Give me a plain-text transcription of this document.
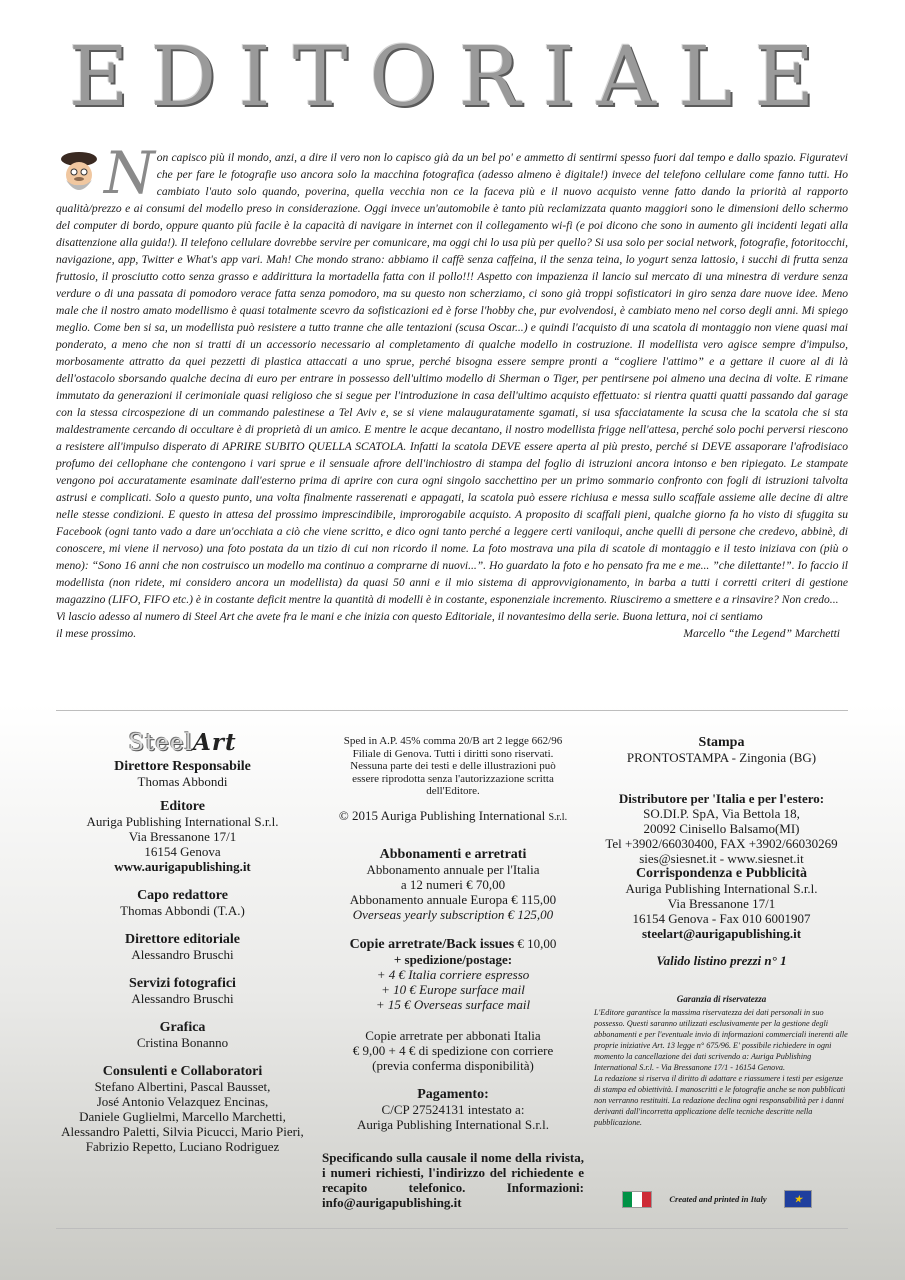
EDITORIALE
N on capisco più il mondo, anzi, a dire il vero non lo capisco già da un bel po' e ammetto di sentirmi spesso fuori dal tempo e dallo spazio. Figuratevi che per fare le fotografie uso ancora solo la macchina fotografica (adesso almeno è digitale!) invece del telefono cellulare come fanno tutti. Ho cambiato l'auto solo quando, poverina, quella vecchia non ce la faceva più e il nuovo acquisto venne fatto dando la priorità al rapporto qualità/prezzo e ai consumi del modello preso in considerazione. Oggi invece un'automobile è tanto più reclamizzata quanto maggiori sono le dimensioni dello schermo del computer di bordo, oppure quanto più facile è la capacità di navigare in internet con il collegamento wi-fi (e poi dicono che sono in aumento gli incidenti legati alla disattenzione alla guida!). Il telefono cellulare dovrebbe servire per comunicare, ma oggi chi lo usa più per quello? Si usa solo per social network, fotografie, fotoritocchi, navigazione, app, Twitter e What's app vari. Mah! Che mondo strano: abbiamo il caffè senza caffeina, il the senza teina, lo yogurt senza lattosio, i succhi di frutta senza fruttosio, il prosciutto cotto senza grasso e addirittura la mortadella fatta con il pollo!!! Aspetto con impazienza il lancio sul mercato di una minestra di verdure senza verdure o di una passata di pomodoro verace fatta senza pomodoro, ma su questo non scherziamo, ci sono già troppi sofisticatori in giro senza dare nuove idee. Meno male che il nostro amato modellismo è quasi totalmente scevro da sofisticazioni ed è forse l'hobby che, pur evolvendosi, è cambiato meno nel corso degli anni. Mi spiego meglio. Come ben si sa, un modellista può resistere a tutto tranne che alle tentazioni (scusa Oscar...) e quindi l'acquisto di una scatola di montaggio non viene quasi mai ponderato, a meno che non si tratti di un accessorio necessario al completamento di qualche modello in costruzione. Il modellista vero agisce sempre d'impulso, morbosamente attratto da quei pezzetti di plastica attaccati a uno sprue, perché bisogna essere sempre pronti a “cogliere l'attimo” e a gettare il cuore al di là dell'ostacolo sborsando qualche decina di euro per entrare in possesso dell'ultimo modello di Sherman o Tiger, per pentirsene poi almeno una decina di volte. E rimane immutato da generazioni il cerimoniale quasi religioso che si segue per l'introduzione in casa dell'ultimo acquisto effettuato: si rientra quatti quatti passando dal garage con la stessa circospezione di un commando palestinese a Tel Aviv e, se si viene malauguratamente sgamati, si usa sfacciatamente la scusa che la scatola che si sta maldestramente cercando di occultare è di proprietà di un amico. E mentre le acque decantano, il nostro modellista frigge nell'attesa, perché solo pochi perversi riescono a resistere all'impulso disperato di APRIRE SUBITO QUELLA SCATOLA. Infatti la scatola DEVE essere aperta al più presto, perché si DEVE assaporare l'afrodisiaco profumo dei cellophane che contengono i vari sprue e il sensuale afrore dell'inchiostro di stampa del foglio di istruzioni ancora intonso e ben ripiegato. Le stampate vengono poi accuratamente esaminate dall'esterno prima di aprire con cura ogni singolo sacchettino per un primo sommario confronto con fogli di istruzioni talvolta astrusi e complicati. Solo a questo punto, una volta finalmente rasserenati e appagati, la scatola può essere richiusa e messa sullo scaffale assieme alle decine di altre nelle stesse condizioni. E questo in attesa del prossimo imprescindibile, improrogabile acquisto. A proposito di scaffali pieni, qualche giorno fa ho visto di sfuggita su Facebook (ogni tanto vado a dare un'occhiata a ciò che viene scritto, e dico ogni tanto perché a leggere certi vaniloqui, anche quelli di persone che credevo, abbinè, di conoscere, mi viene il nervoso) una foto postata da un tizio di cui non ricordo il nome. La foto mostrava una pila di scatole di montaggio e il testo iniziava con (più o meno): “Sono 16 anni che non costruisco un modello ma continuo a comprarne di nuovi...”. Ho guardato la foto e ho pensato fra me e me... ”che dilettante!”. Io faccio il modellista (non ridete, mi considero ancora un modellista) da quasi 50 anni e il mio sistema di approvvigionamento, in barba a tutti i corretti criteri di gestione magazzino (LIFO, FIFO etc.) è in costante deficit mentre la quantità di modelli è in costante, esponenziale incremento. Riusciremo a smettere e a rinsavire? Non credo...

Vi lascio adesso al numero di Steel Art che avete fra le mani e che inizia con questo Editoriale, il novantesimo della serie. Buona lettura, noi ci sentiamo

il mese prossimo.	Marcello “the Legend” Marchetti
SteelArt
Direttore Responsabile
Thomas Abbondi
Editore
Auriga Publishing International S.r.l.
Via Bressanone 17/1
16154 Genova
www.aurigapublishing.it
Capo redattore
Thomas Abbondi (T.A.)
Direttore editoriale
Alessandro Bruschi
Servizi fotografici
Alessandro Bruschi
Grafica
Cristina Bonanno
Consulenti e Collaboratori
Stefano Albertini, Pascal Bausset,
José Antonio Velazquez Encinas,
Daniele Guglielmi, Marcello Marchetti,
Alessandro Paletti, Silvia Picucci, Mario Pieri,
Fabrizio Repetto, Luciano Rodriguez
Sped in A.P. 45% comma 20/B art 2 legge 662/96
Filiale di Genova. Tutti i diritti sono riservati.
Nessuna parte dei testi e delle illustrazioni può
essere riprodotta senza l'autorizzazione scritta
dell'Editore.
© 2015 Auriga Publishing International S.r.l.
Abbonamenti e arretrati
Abbonamento annuale per l'Italia
a 12 numeri € 70,00
Abbonamento annuale Europa € 115,00
Overseas yearly subscription € 125,00
Copie arretrate/Back issues € 10,00
+ spedizione/postage:
+ 4 € Italia corriere espresso
+ 10 € Europe surface mail
+ 15 € Overseas surface mail
Copie arretrate per abbonati Italia
€ 9,00 + 4 € di spedizione con corriere
(previa conferma disponibilità)
Pagamento:
C/CP 27524131 intestato a:
Auriga Publishing International S.r.l.
Specificando sulla causale il nome della rivista, i numeri richiesti, l'indirizzo del richiedente e recapito telefonico. Informazioni: info@aurigapublishing.it
Stampa
PRONTOSTAMPA - Zingonia (BG)
Distributore per 'Italia e per l'estero:
SO.DI.P. SpA, Via Bettola 18,
20092 Cinisello Balsamo(MI)
Tel +3902/66030400, FAX +3902/66030269
sies@siesnet.it - www.siesnet.it
Corrispondenza e Pubblicità
Auriga Publishing International S.r.l.
Via Bressanone 17/1
16154 Genova - Fax 010 6001907
steelart@aurigapublishing.it
Valido listino prezzi n° 1
Garanzia di riservatezza
L'Editore garantisce la massima riservatezza dei dati personali in suo possesso. Questi saranno utilizzati esclusivamente per la gestione degli abbonamenti e per l'eventuale invio di informazioni commerciali inerenti alle proprie iniziative Art. 13 legge n° 675/96. E' possibile richiedere in ogni momento la cancellazione dei dati scrivendo a: Auriga Publishing International S.r.l. - Via Bressanone 17/1 - 16154 Genova.
La redazione si riserva il diritto di adattare e riassumere i testi per esigenze di stampa ed obiettività. I manoscritti e le fotografie anche se non pubblicati non verranno restituiti. La redazione declina ogni responsabilità per i danni derivanti dall'incorretta applicazione delle tecniche descritte nella pubblicazione.
Created and printed in Italy	★
